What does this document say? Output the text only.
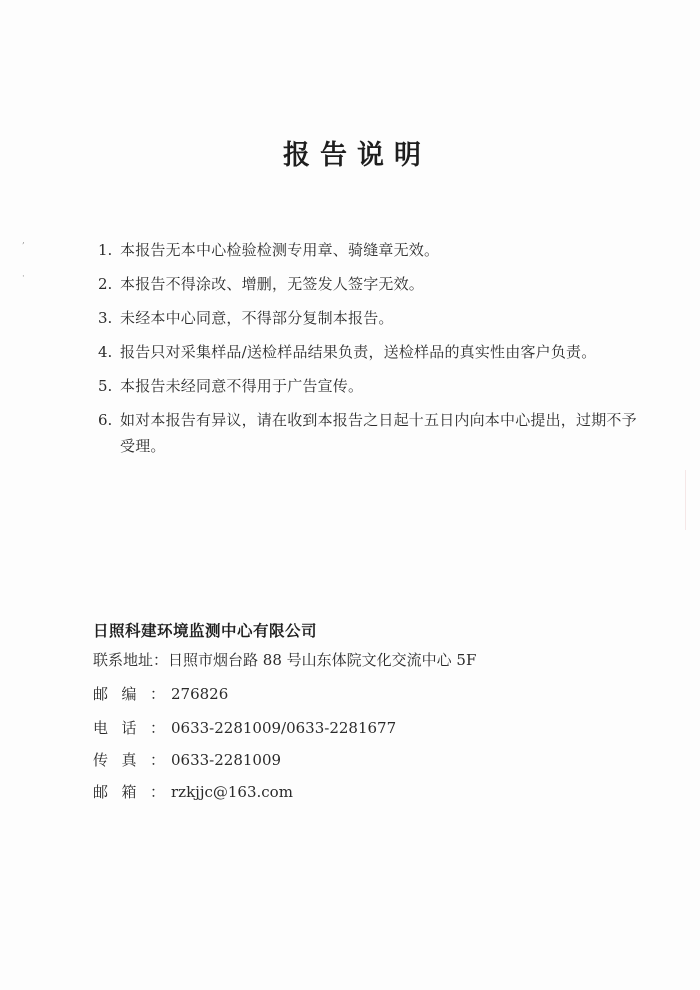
报告说明
1. 本报告无本中心检验检测专用章、骑缝章无效。
2. 本报告不得涂改、增删，无签发人签字无效。
3. 未经本中心同意，不得部分复制本报告。
4. 报告只对采集样品/送检样品结果负责，送检样品的真实性由客户负责。
5. 本报告未经同意不得用于广告宣传。
6. 如对本报告有异议，请在收到本报告之日起十五日内向本中心提出，过期不予受理。
日照科建环境监测中心有限公司
联系地址：日照市烟台路 88 号山东体院文化交流中心 5F
邮编： 276826
电话： 0633-2281009/0633-2281677
传真： 0633-2281009
邮箱： rzkjjc@163.com
‚
·
